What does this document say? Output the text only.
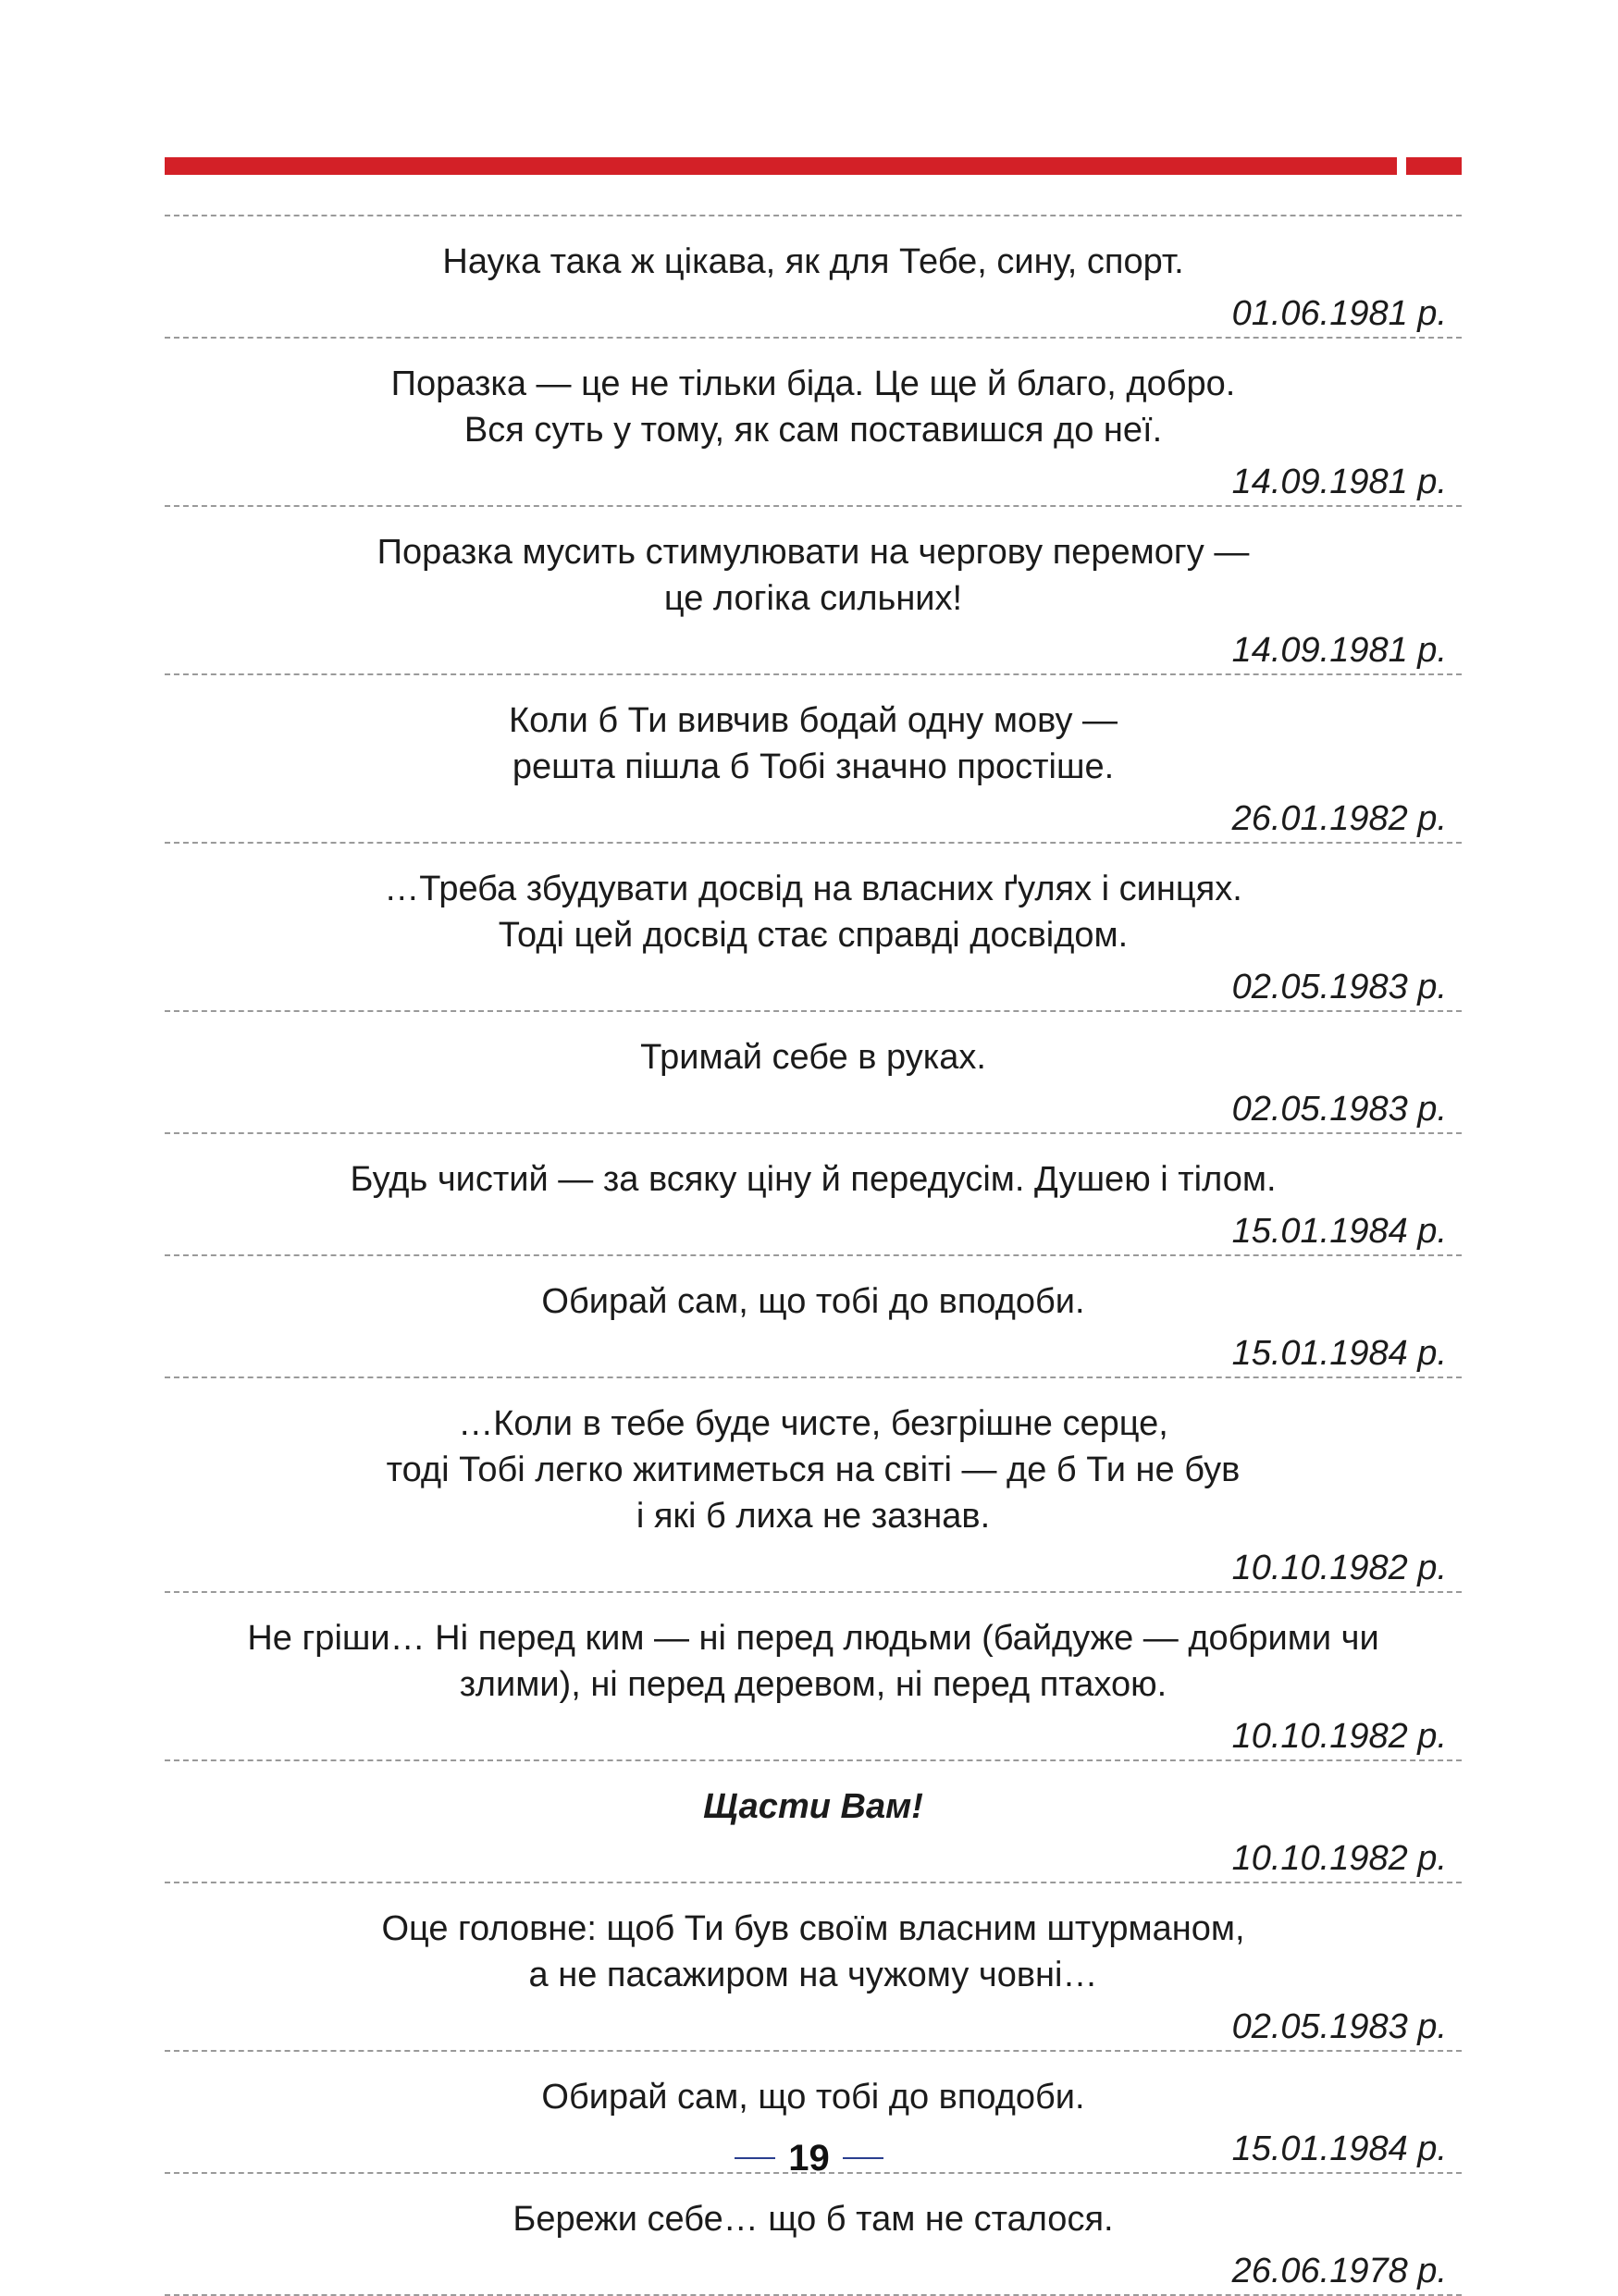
Наука така ж цікава, як для Тебе, сину, спорт.
01.06.1981 р.
Поразка — це не тільки біда. Це ще й благо, добро.
Вся суть у тому, як сам поставишся до неї.
14.09.1981 р.
Поразка мусить стимулювати на чергову перемогу —
це логіка сильних!
14.09.1981 р.
Коли б Ти вивчив бодай одну мову —
решта пішла б Тобі значно простіше.
26.01.1982 р.
…Треба збудувати досвід на власних ґулях і синцях.
Тоді цей досвід стає справді досвідом.
02.05.1983 р.
Тримай себе в руках.
02.05.1983 р.
Будь чистий — за всяку ціну й передусім. Душею і тілом.
15.01.1984 р.
Обирай сам, що тобі до вподоби.
15.01.1984 р.
…Коли в тебе буде чисте, безгрішне серце,
тоді Тобі легко житиметься на світі — де б Ти не був
і які б лиха не зазнав.
10.10.1982 р.
Не гріши… Ні перед ким — ні перед людьми (байдуже — добрими чи
злими), ні перед деревом, ні перед птахою.
10.10.1982 р.
Щасти Вам!
10.10.1982 р.
Оце головне: щоб Ти був своїм власним штурманом,
а не пасажиром на чужому човні…
02.05.1983 р.
Обирай сам, що тобі до вподоби.
15.01.1984 р.
Бережи себе… що б там не сталося.
26.06.1978 р.
19
